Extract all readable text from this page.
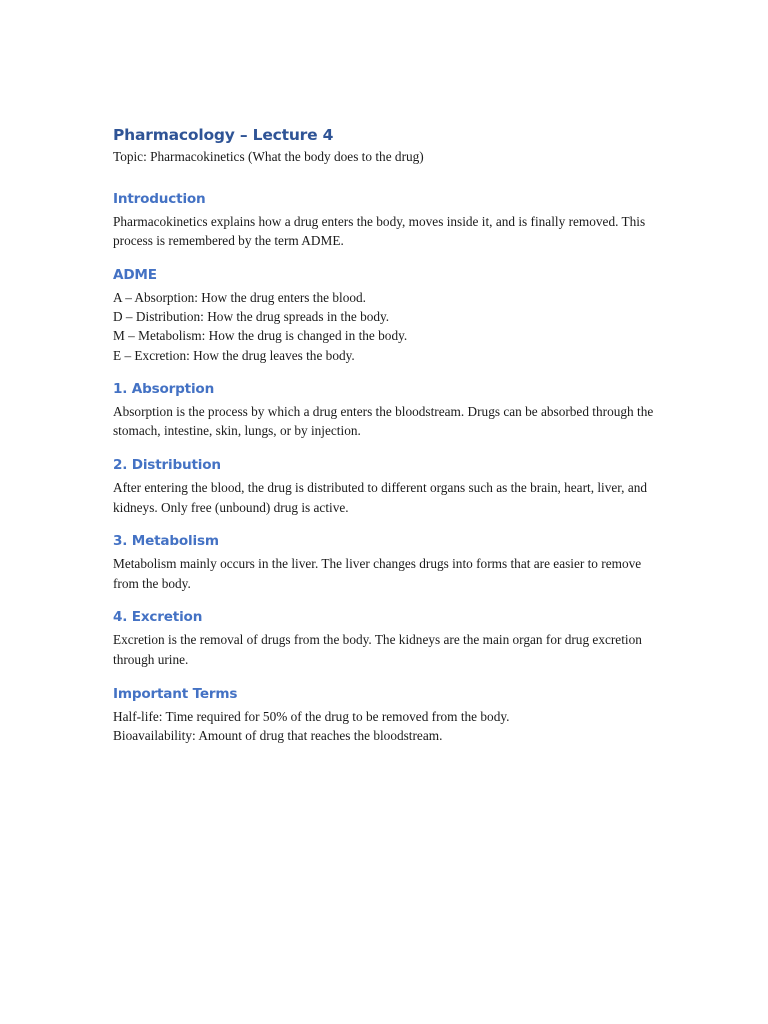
Pharmacology – Lecture 4

Topic: Pharmacokinetics (What the body does to the drug)

Introduction

Pharmacokinetics explains how a drug enters the body, moves inside it, and is finally removed. This process is remembered by the term ADME.

ADME
A – Absorption: How the drug enters the blood.
D – Distribution: How the drug spreads in the body.
M – Metabolism: How the drug is changed in the body.
E – Excretion: How the drug leaves the body.
1. Absorption

Absorption is the process by which a drug enters the bloodstream. Drugs can be absorbed through the stomach, intestine, skin, lungs, or by injection.

2. Distribution

After entering the blood, the drug is distributed to different organs such as the brain, heart, liver, and kidneys. Only free (unbound) drug is active.

3. Metabolism

Metabolism mainly occurs in the liver. The liver changes drugs into forms that are easier to remove from the body.

4. Excretion

Excretion is the removal of drugs from the body. The kidneys are the main organ for drug excretion through urine.

Important Terms
Half-life: Time required for 50% of the drug to be removed from the body.
Bioavailability: Amount of drug that reaches the bloodstream.
